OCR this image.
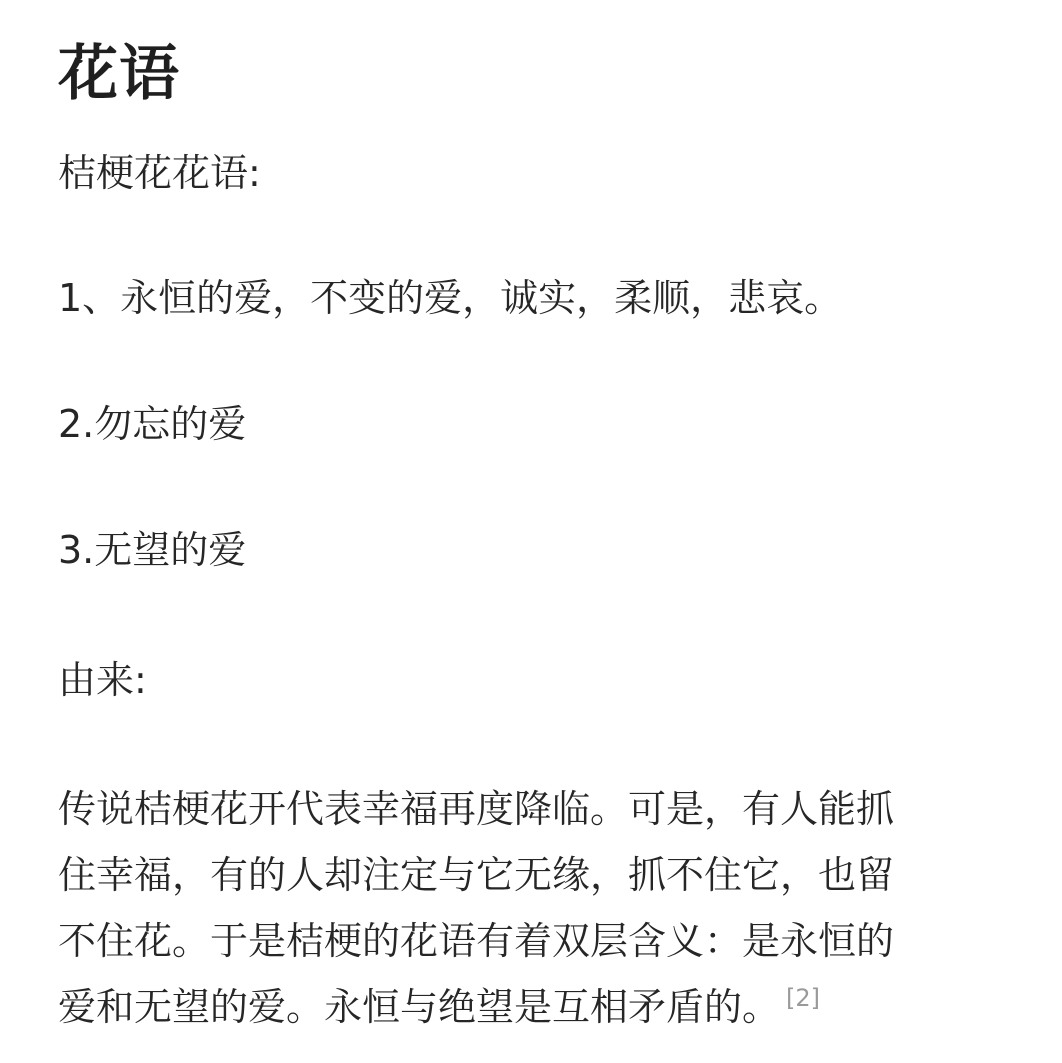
花语

桔梗花花语:

1、永恒的爱，不变的爱，诚实，柔顺，悲哀。

2.勿忘的爱

3.无望的爱

由来:

传说桔梗花开代表幸福再度降临。可是，有人能抓
住幸福，有的人却注定与它无缘，抓不住它，也留
不住花。于是桔梗的花语有着双层含义：是永恒的
爱和无望的爱。永恒与绝望是互相矛盾的。 [2]
